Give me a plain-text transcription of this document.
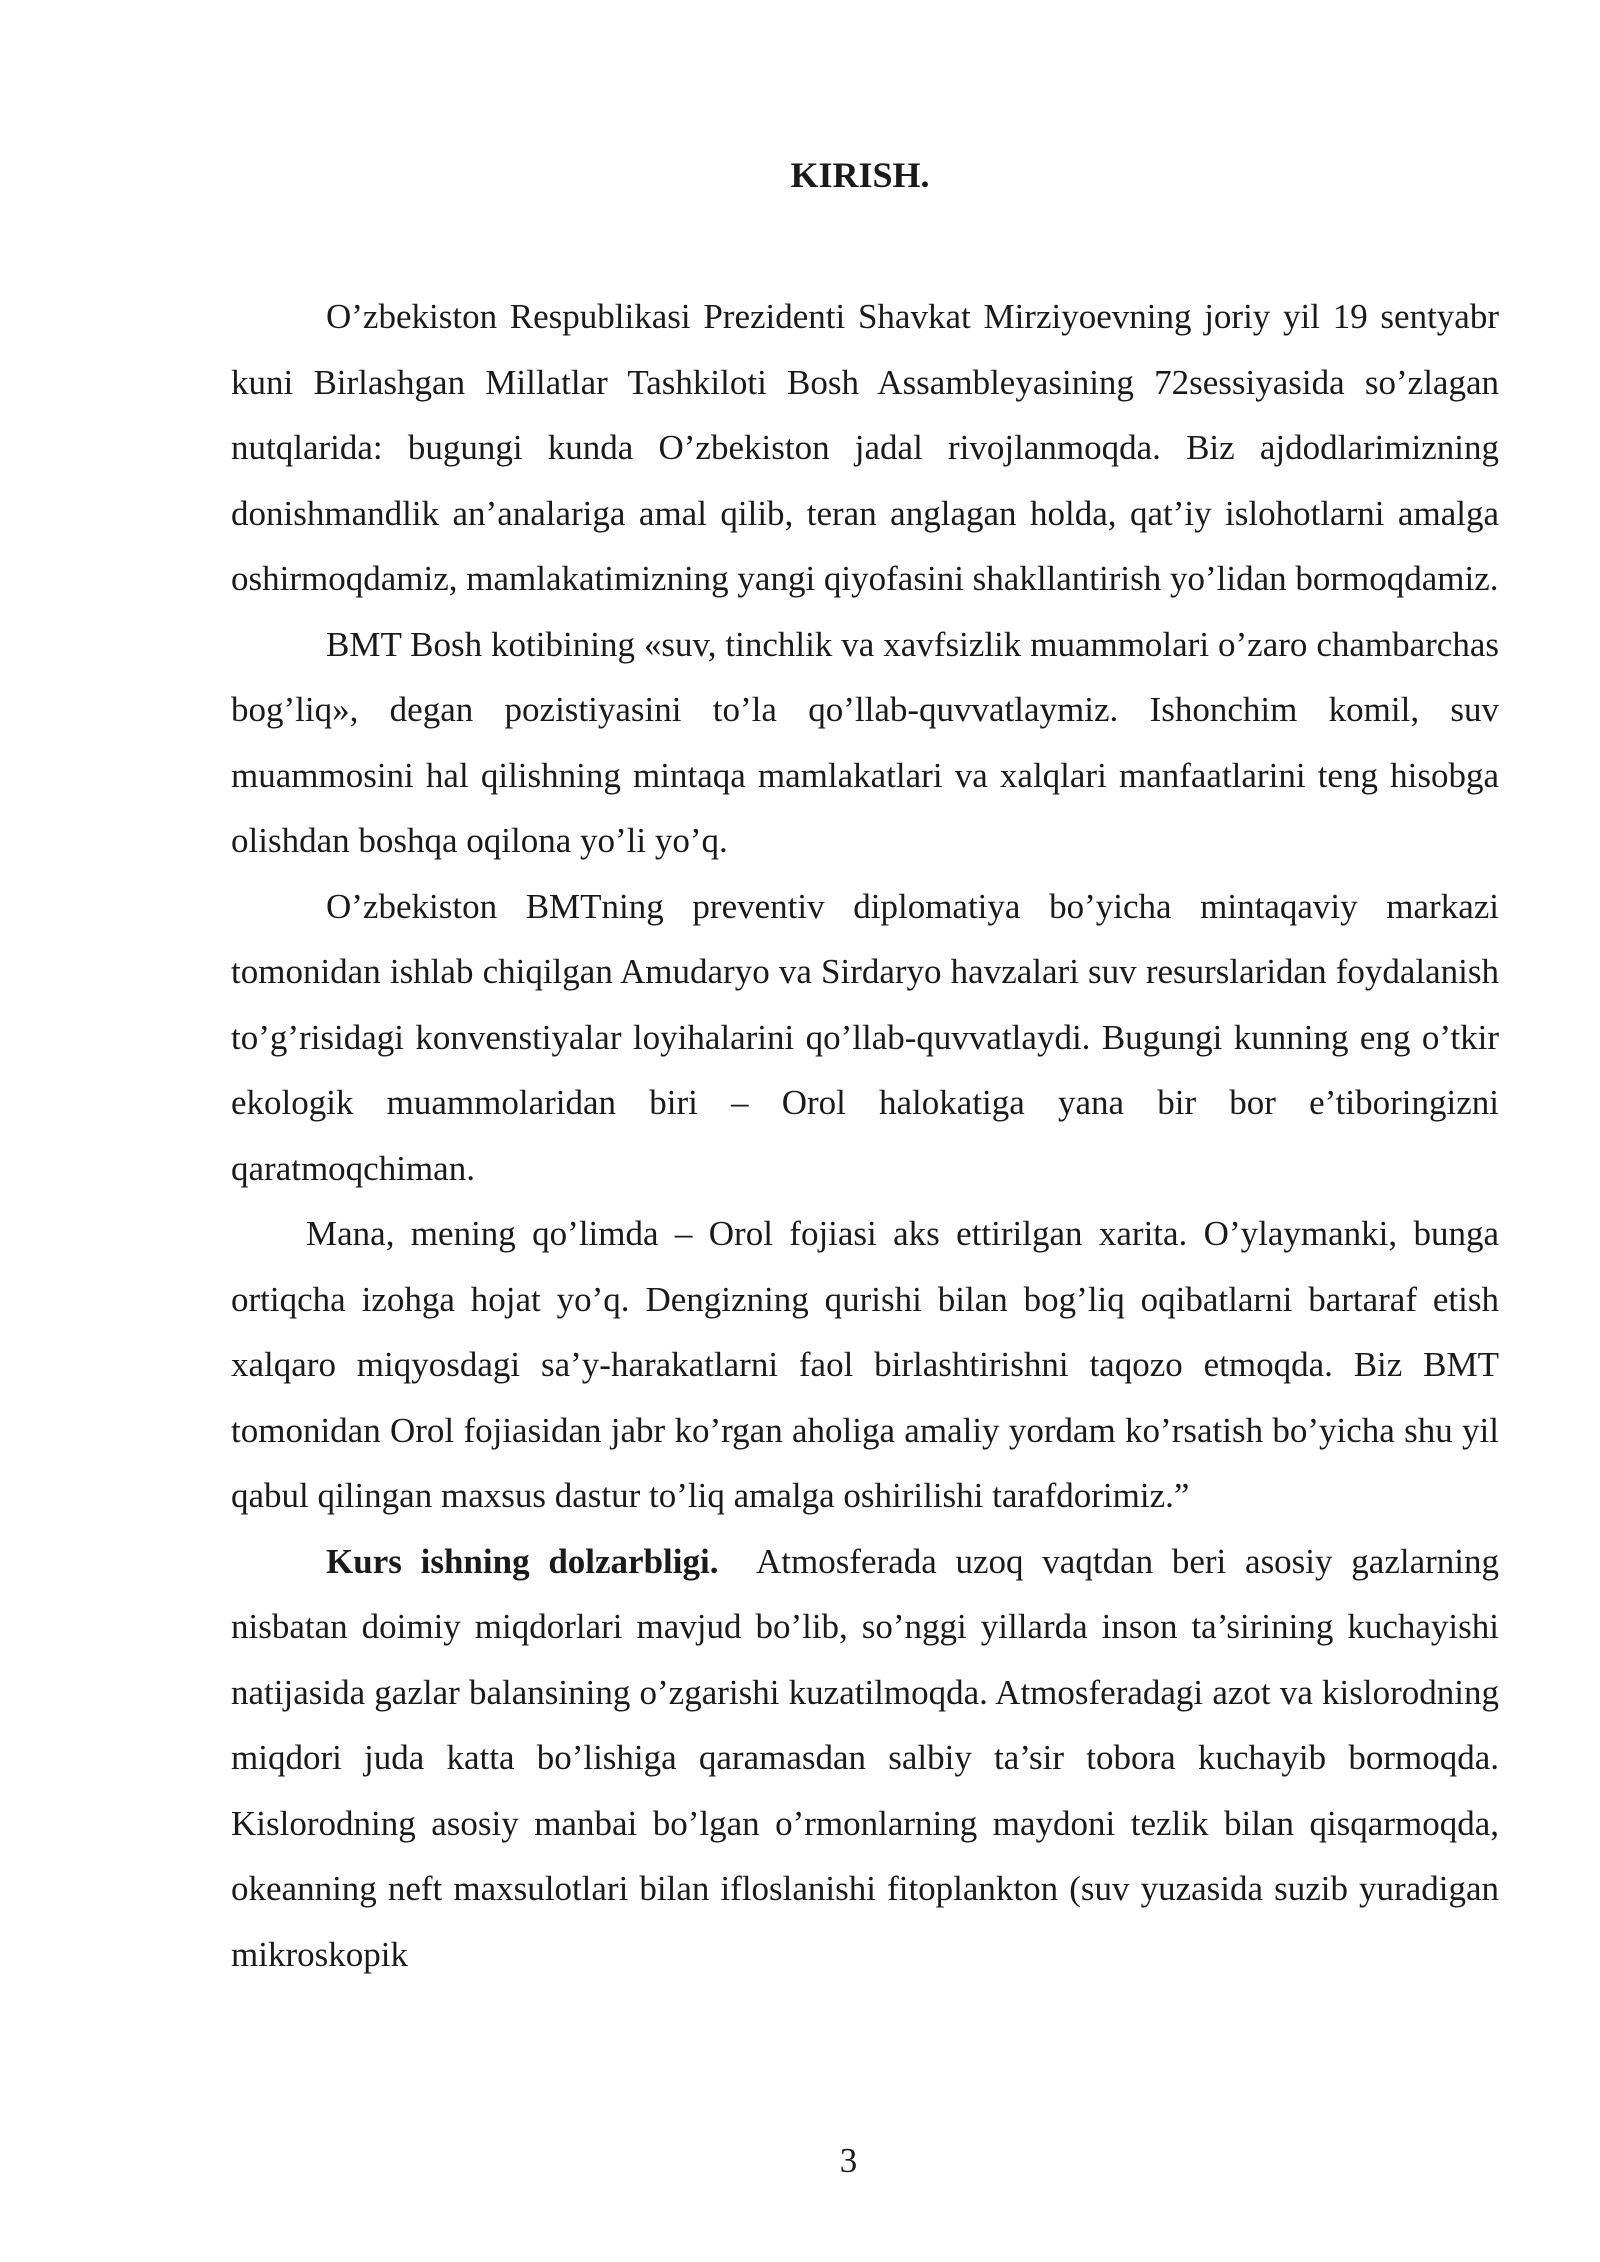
KIRISH.

O’zbekiston Respublikasi Prezidenti Shavkat Mirziyoevning joriy yil 19 sentyabr kuni Birlashgan Millatlar Tashkiloti Bosh Assambleyasining 72sessiyasida so’zlagan nutqlarida: bugungi kunda O’zbekiston jadal rivojlanmoqda. Biz ajdodlarimizning donishmandlik an’analariga amal qilib, teran anglagan holda, qat’iy islohotlarni amalga oshirmoqdamiz, mamlakatimizning yangi qiyofasini shakllantirish yo’lidan bormoqdamiz.

BMT Bosh kotibining «suv, tinchlik va xavfsizlik muammolari o’zaro chambarchas bog’liq», degan pozistiyasini to’la qo’llab-quvvatlaymiz. Ishonchim komil, suv muammosini hal qilishning mintaqa mamlakatlari va xalqlari manfaatlarini teng hisobga olishdan boshqa oqilona yo’li yo’q.

O’zbekiston BMTning preventiv diplomatiya bo’yicha mintaqaviy markazi tomonidan ishlab chiqilgan Amudaryo va Sirdaryo havzalari suv resurslaridan foydalanish to’g’risidagi konvenstiyalar loyihalarini qo’llab-quvvatlaydi. Bugungi kunning eng o’tkir ekologik muammolaridan biri – Orol halokatiga yana bir bor e’tiboringizni qaratmoqchiman.

Mana, mening qo’limda – Orol fojiasi aks ettirilgan xarita. O’ylaymanki, bunga ortiqcha izohga hojat yo’q. Dengizning qurishi bilan bog’liq oqibatlarni bartaraf etish xalqaro miqyosdagi sa’y-harakatlarni faol birlashtirishni taqozo etmoqda. Biz BMT tomonidan Orol fojiasidan jabr ko’rgan aholiga amaliy yordam ko’rsatish bo’yicha shu yil qabul qilingan maxsus dastur to’liq amalga oshirilishi tarafdorimiz.”

Kurs ishning dolzarbligi. Atmosferada uzoq vaqtdan beri asosiy gazlarning nisbatan doimiy miqdorlari mavjud bo’lib, so’nggi yillarda inson ta’sirining kuchayishi natijasida gazlar balansining o’zgarishi kuzatilmoqda. Atmosferadagi azot va kislorodning miqdori juda katta bo’lishiga qaramasdan salbiy ta’sir tobora kuchayib bormoqda. Kislorodning asosiy manbai bo’lgan o’rmonlarning maydoni tezlik bilan qisqarmoqda, okeanning neft maxsulotlari bilan ifloslanishi fitoplankton (suv yuzasida suzib yuradigan mikroskopik

3
